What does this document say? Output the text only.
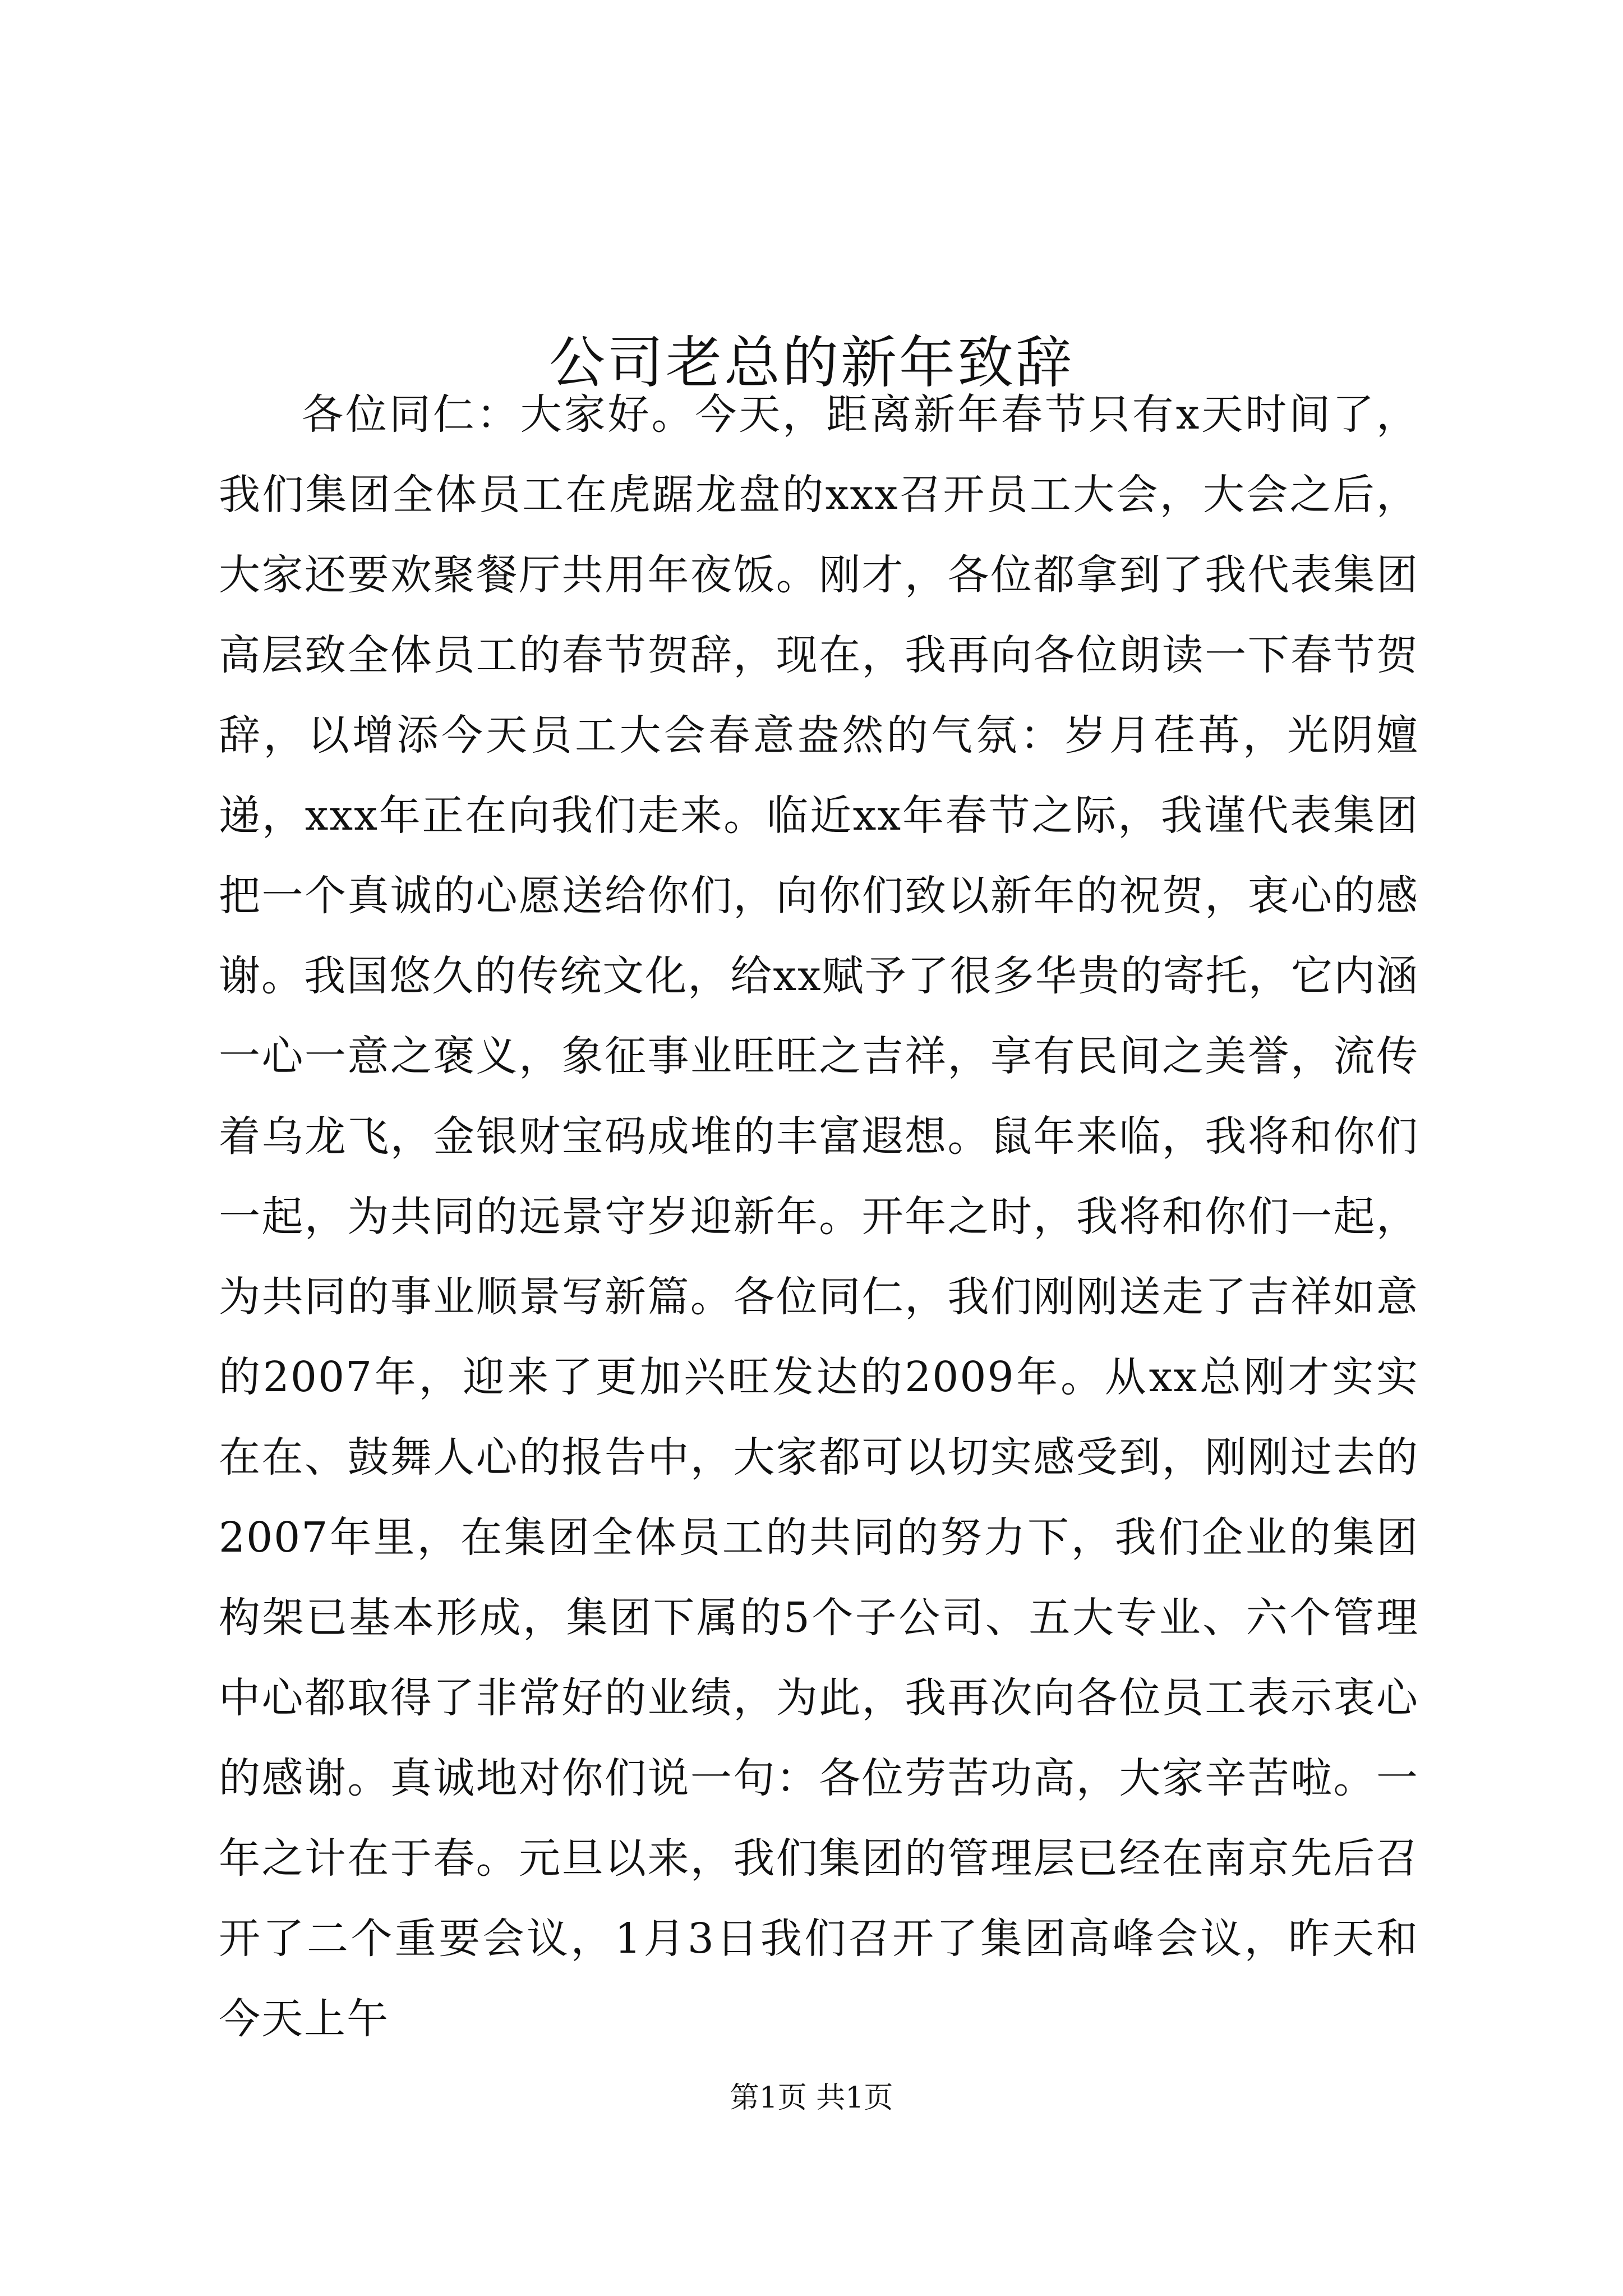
公司老总的新年致辞

各位同仁：大家好。今天，距离新年春节只有x天时间了，我们集团全体员工在虎踞龙盘的xxx召开员工大会，大会之后，大家还要欢聚餐厅共用年夜饭。刚才，各位都拿到了我代表集团高层致全体员工的春节贺辞，现在，我再向各位朗读一下春节贺辞，以增添今天员工大会春意盎然的气氛：岁月荏苒，光阴嬗递，xxx年正在向我们走来。临近xx年春节之际，我谨代表集团把一个真诚的心愿送给你们，向你们致以新年的祝贺，衷心的感谢。我国悠久的传统文化，给xx赋予了很多华贵的寄托，它内涵一心一意之褒义，象征事业旺旺之吉祥，享有民间之美誉，流传着乌龙飞，金银财宝码成堆的丰富遐想。鼠年来临，我将和你们一起，为共同的远景守岁迎新年。开年之时，我将和你们一起，为共同的事业顺景写新篇。各位同仁，我们刚刚送走了吉祥如意的2007年，迎来了更加兴旺发达的2009年。从xx总刚才实实在在、鼓舞人心的报告中，大家都可以切实感受到，刚刚过去的2007年里，在集团全体员工的共同的努力下，我们企业的集团构架已基本形成，集团下属的5个子公司、五大专业、六个管理中心都取得了非常好的业绩，为此，我再次向各位员工表示衷心的感谢。真诚地对你们说一句：各位劳苦功高，大家辛苦啦。一年之计在于春。元旦以来，我们集团的管理层已经在南京先后召开了二个重要会议，1月3日我们召开了集团高峰会议，昨天和今天上午

第1页 共1页
